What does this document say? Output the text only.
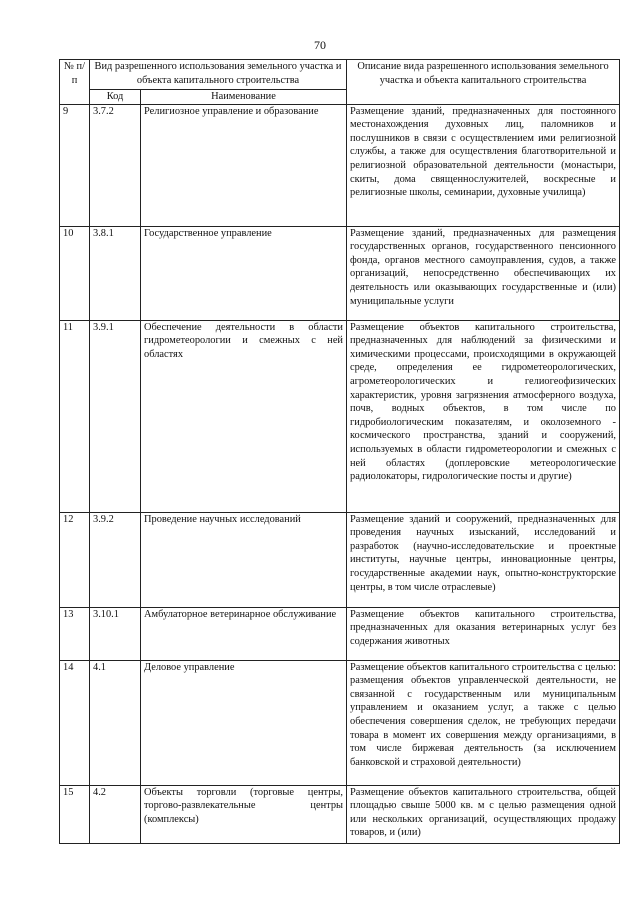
70
№ п/п	Вид разрешенного использования земельного участка и объекта капитального строительства		Описание вида разрешенного использования земельного участка и объекта капитального строительства
	Код	Наименование	
9	3.7.2	Религиозное управление и образование	Размещение зданий, предназначенных для постоянного местонахождения духовных лиц, паломников и послушников в связи с осуществлением ими религиозной службы, а также для осуществления благотворительной и религиозной образовательной деятельности (монастыри, скиты, дома священнослужителей, воскресные и религиозные школы, семинарии, духовные училища)
10	3.8.1	Государственное управление	Размещение зданий, предназначенных для размещения государственных органов, государственного пенсионного фонда, органов местного самоуправления, судов, а также организаций, непосредственно обеспечивающих их деятельность или оказывающих государственные и (или) муниципальные услуги
11	3.9.1	Обеспечение деятельности в области гидрометеорологии и смежных с ней областях	Размещение объектов капитального строительства, предназначенных для наблюдений за физическими и химическими процессами, происходящими в окружающей среде, определения ее гидрометеорологических, агрометеорологических и гелиогеофизических характеристик, уровня загрязнения атмосферного воздуха, почв, водных объектов, в том числе по гидробиологическим показателям, и околоземного - космического пространства, зданий и сооружений, используемых в области гидрометеорологии и смежных с ней областях (доплеровские метеорологические радиолокаторы, гидрологические посты и другие)
12	3.9.2	Проведение научных исследований	Размещение зданий и сооружений, предназначенных для проведения научных изысканий, исследований и разработок (научно-исследовательские и проектные институты, научные центры, инновационные центры, государственные академии наук, опытно-конструкторские центры, в том числе отраслевые)
13	3.10.1	Амбулаторное ветеринарное обслуживание	Размещение объектов капитального строительства, предназначенных для оказания ветеринарных услуг без содержания животных
14	4.1	Деловое управление	Размещение объектов капитального строительства с целью: размещения объектов управленческой деятельности, не связанной с государственным или муниципальным управлением и оказанием услуг, а также с целью обеспечения совершения сделок, не требующих передачи товара в момент их совершения между организациями, в том числе биржевая деятельность (за исключением банковской и страховой деятельности)
15	4.2	Объекты торговли (торговые центры, торгово-развлекательные центры (комплексы)	Размещение объектов капитального строительства, общей площадью свыше 5000 кв. м с целью размещения одной или нескольких организаций, осуществляющих продажу товаров, и (или)
